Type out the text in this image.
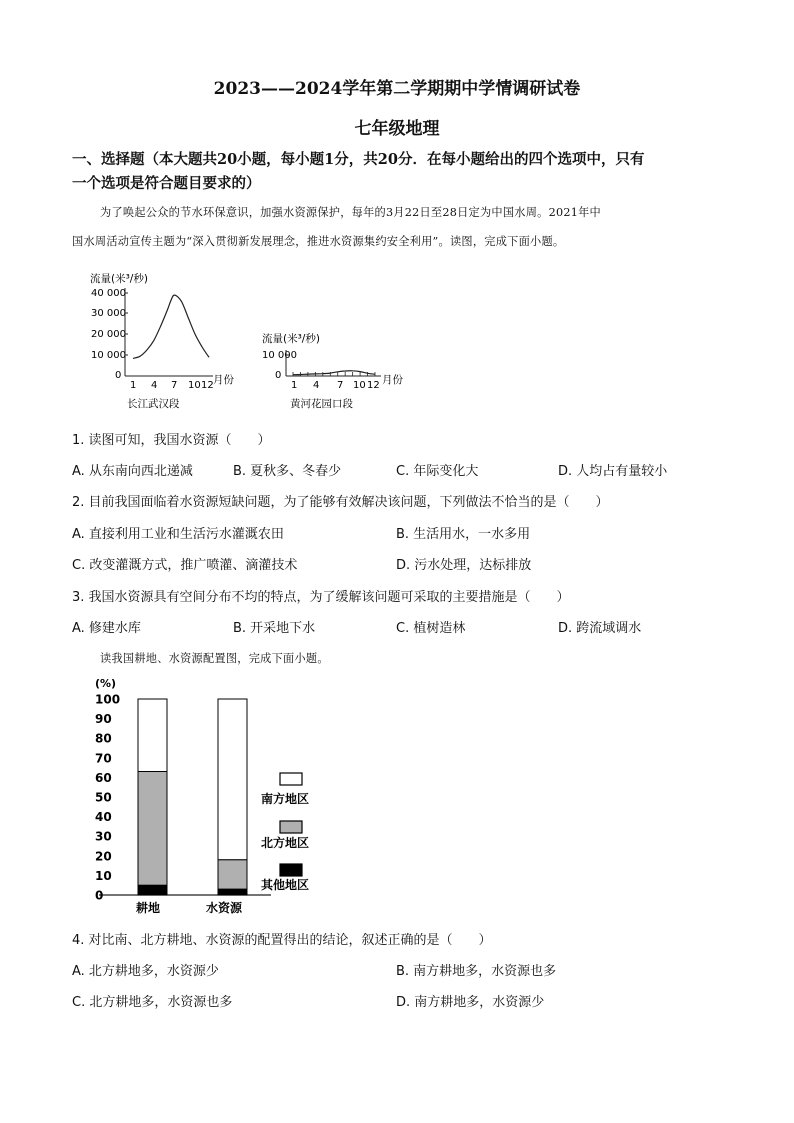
2023——2024学年第二学期期中学情调研试卷
七年级地理
一、选择题（本大题共20小题，每小题1分，共20分．在每小题给出的四个选项中，只有
一个选项是符合题目要求的）
为了唤起公众的节水环保意识，加强水资源保护，每年的3月22日至28日定为中国水周。2021年中
国水周活动宣传主题为“深入贯彻新发展理念，推进水资源集约安全利用”。读图，完成下面小题。
流量(米³/秒)
40 000
30 000
20 000
10 000
0
1 4 7 10 12 月份
长江武汉段
流量(米³/秒)
10 000
0
1 4 7 10 12 月份
黄河花园口段
1. 读图可知，我国水资源（　　）
A. 从东南向西北递减	B. 夏秋多、冬春少	C. 年际变化大	D. 人均占有量较小
2. 目前我国面临着水资源短缺问题，为了能够有效解决该问题，下列做法不恰当的是（　　）
A. 直接利用工业和生活污水灌溉农田	B. 生活用水，一水多用
C. 改变灌溉方式，推广喷灌、滴灌技术	D. 污水处理，达标排放
3. 我国水资源具有空间分布不均的特点，为了缓解该问题可采取的主要措施是（　　）
A. 修建水库	B. 开采地下水	C. 植树造林	D. 跨流域调水
读我国耕地、水资源配置图，完成下面小题。
(%)
0
10
20
30
40
50
60
70
80
90
100
南方地区
北方地区
其他地区
耕地	水资源
4. 对比南、北方耕地、水资源的配置得出的结论，叙述正确的是（　　）
A. 北方耕地多，水资源少	B. 南方耕地多，水资源也多
C. 北方耕地多，水资源也多	D. 南方耕地多，水资源少
